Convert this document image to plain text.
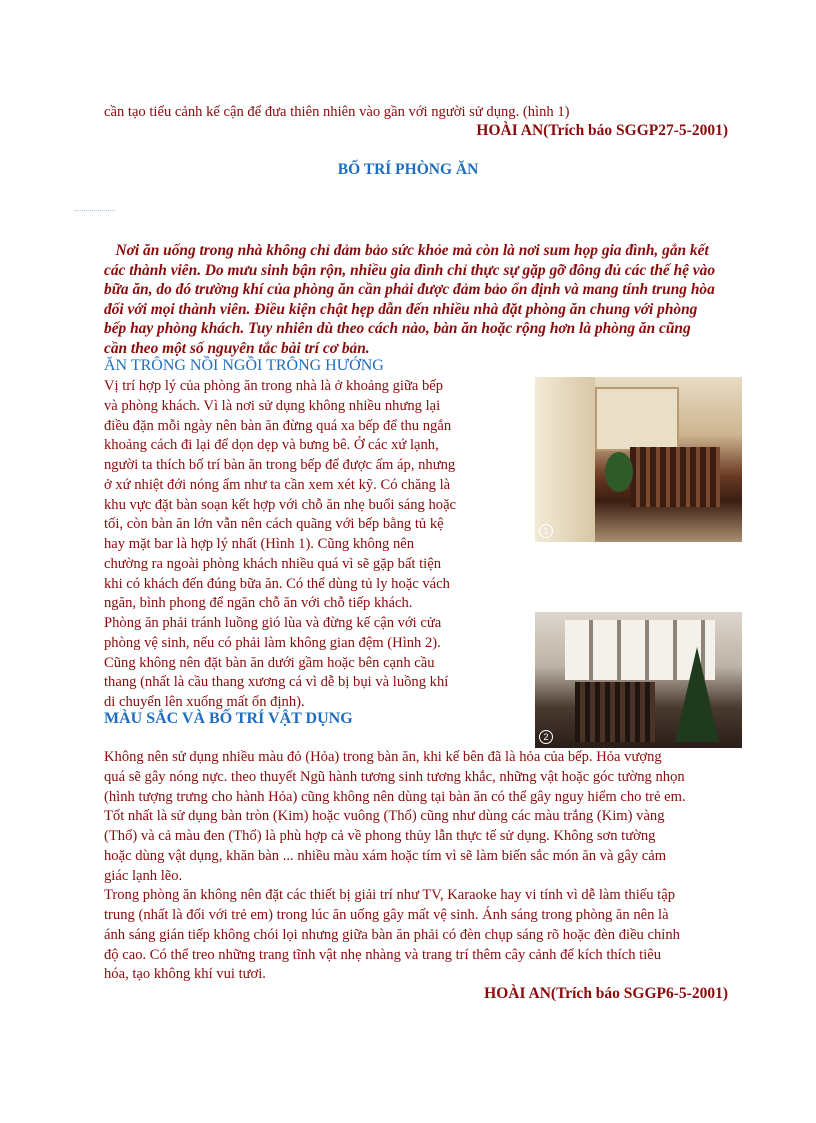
cần tạo tiểu cảnh kế cận để đưa thiên nhiên vào gần với người sử dụng. (hình 1)
HOÀI AN(Trích báo SGGP27-5-2001)
BỐ TRÍ PHÒNG ĂN
Nơi ăn uống trong nhà không chỉ đảm bảo sức khỏe mà còn là nơi sum họp gia đình, gắn kết
các thành viên. Do mưu sinh bận rộn, nhiều gia đình chỉ thực sự gặp gỡ đông đủ các thế hệ vào
bữa ăn, do đó trường khí của phòng ăn cần phải được đảm bảo ổn định và mang tính trung hòa
đối với mọi thành viên. Điều kiện chật hẹp dẫn đến nhiều nhà đặt phòng ăn chung với phòng
bếp hay phòng khách. Tuy nhiên dù theo cách nào, bàn ăn hoặc rộng hơn là phòng ăn cũng
cần theo một số nguyên tắc bài trí cơ bản.
ĂN TRÔNG NỒI NGỒI TRÔNG HƯỚNG
Vị trí hợp lý của phòng ăn trong nhà là ở khoảng giữa bếp
và phòng khách. Vì là nơi sử dụng không nhiều nhưng lại
điều đặn mỗi ngày nên bàn ăn đừng quá xa bếp để thu ngắn
khoảng cách đi lại để dọn dẹp và bưng bê. Ở các xứ lạnh,
người ta thích bố trí bàn ăn trong bếp để được ấm áp, nhưng
ở xứ nhiệt đới nóng ẩm như ta cần xem xét kỹ. Có chăng là
khu vực đặt bàn soạn kết hợp với chỗ ăn nhẹ buổi sáng hoặc
tối, còn bàn ăn lớn vẫn nên cách quãng với bếp bằng tủ kệ
hay mặt bar là hợp lý nhất (Hình 1). Cũng không nên
chường ra ngoài phòng khách nhiều quá vì sẽ gặp bất tiện
khi có khách đến đúng bữa ăn. Có thể dùng tủ ly hoặc vách
ngăn, bình phong để ngăn chỗ ăn với chỗ tiếp khách.
Phòng ăn phải tránh luồng gió lùa và đừng kế cận với cửa
phòng vệ sinh, nếu có phải làm không gian đệm (Hình 2).
Cũng không nên đặt bàn ăn dưới gầm hoặc bên cạnh cầu
thang (nhất là cầu thang xương cá vì dễ bị bụi và luồng khí
di chuyển lên xuống mất ổn định).
MÀU SẮC VÀ BỐ TRÍ VẬT DỤNG
Không nên sử dụng nhiều màu đỏ (Hỏa) trong bàn ăn, khi kế bên đã là hỏa của bếp. Hỏa vượng
quá sẽ gây nóng nực. theo thuyết Ngũ hành tương sinh tương khắc, những vật hoặc góc tường nhọn
(hình tượng trưng cho hành Hỏa) cũng không nên dùng tại bàn ăn có thể gây nguy hiểm cho trẻ em.
Tốt nhất là sử dụng bàn tròn (Kim) hoặc vuông (Thổ) cũng như dùng các màu trắng (Kim) vàng
(Thổ) và cả màu đen (Thổ) là phù hợp cả về phong thủy lẫn thực tế sử dụng. Không sơn tường
hoặc dùng vật dụng, khăn bàn ... nhiều màu xám hoặc tím vì sẽ làm biến sắc món ăn và gây cảm
giác lạnh lẽo.
Trong phòng ăn không nên đặt các thiết bị giải trí như TV, Karaoke hay vi tính vì dễ làm thiếu tập
trung (nhất là đối với trẻ em) trong lúc ăn uống gây mất vệ sinh. Ánh sáng trong phòng ăn nên là
ánh sáng gián tiếp không chói lọi nhưng giữa bàn ăn phải có đèn chụp sáng rõ hoặc đèn điều chỉnh
độ cao. Có thể treo những trang tĩnh vật nhẹ nhàng và trang trí thêm cây cảnh để kích thích tiêu
hóa, tạo không khí vui tươi.
HOÀI AN(Trích báo SGGP6-5-2001)
1
2
